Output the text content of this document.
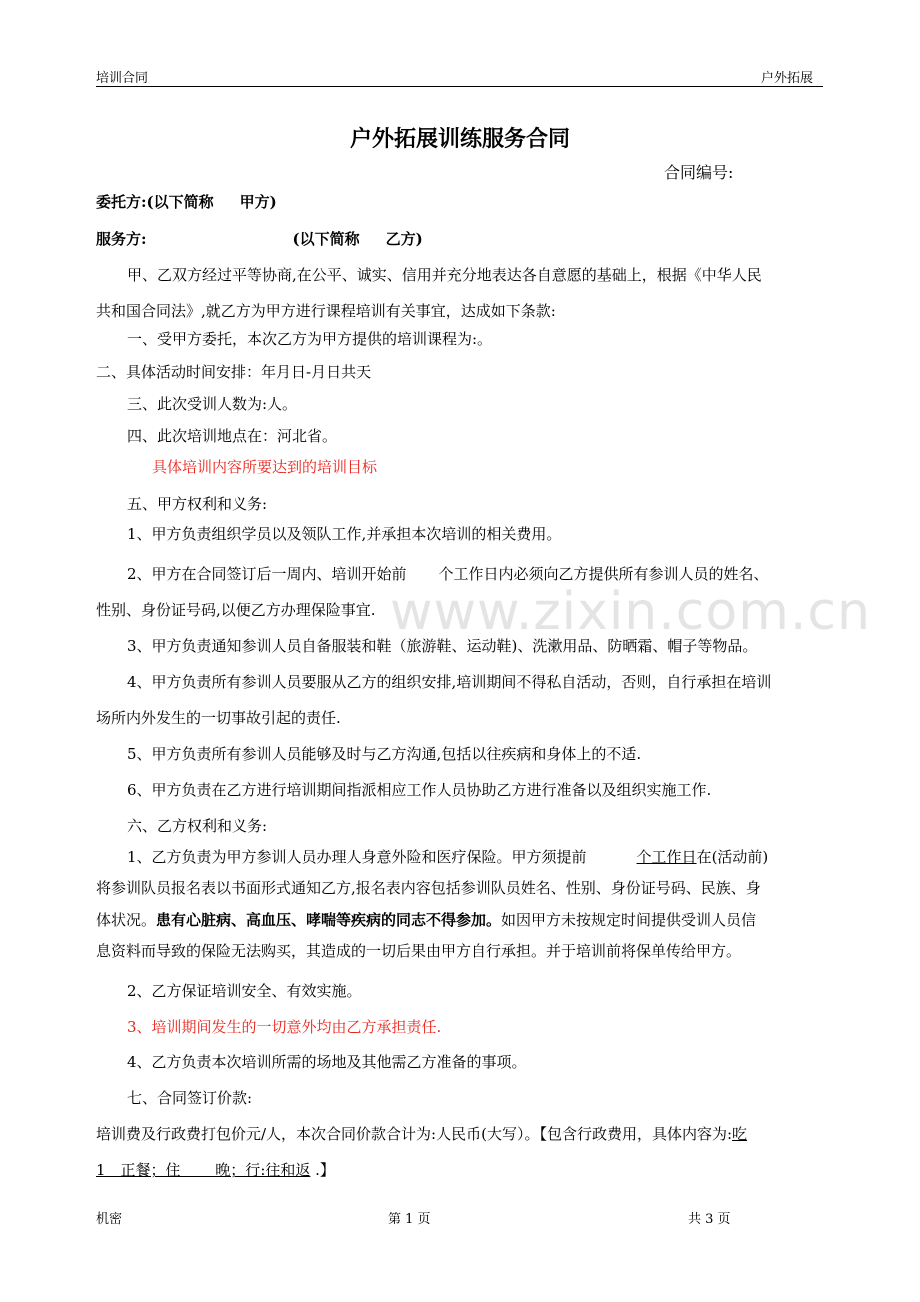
培训合同	户外拓展
www.zixin.com.cn
户外拓展训练服务合同
合同编号:
委托方:(以下简称 甲方)
服务方:	(以下简称 乙方)
甲、乙双方经过平等协商,在公平、诚实、信用并充分地表达各自意愿的基础上，根据《中华人民
共和国合同法》,就乙方为甲方进行课程培训有关事宜，达成如下条款:
一、受甲方委托，本次乙方为甲方提供的培训课程为:。
二、具体活动时间安排：年月日-月日共天
三、此次受训人数为:人。
四、此次培训地点在：河北省。
具体培训内容所要达到的培训目标
五、甲方权利和义务:
1、甲方负责组织学员以及领队工作,并承担本次培训的相关费用。
2、甲方在合同签订后一周内、培训开始前 个工作日内必须向乙方提供所有参训人员的姓名、
性别、身份证号码,以便乙方办理保险事宜.
3、甲方负责通知参训人员自备服装和鞋（旅游鞋、运动鞋)、洗漱用品、防晒霜、帽子等物品。
4、甲方负责所有参训人员要服从乙方的组织安排,培训期间不得私自活动，否则，自行承担在培训
场所内外发生的一切事故引起的责任.
5、甲方负责所有参训人员能够及时与乙方沟通,包括以往疾病和身体上的不适.
6、甲方负责在乙方进行培训期间指派相应工作人员协助乙方进行准备以及组织实施工作.
六、乙方权利和义务:
1、乙方负责为甲方参训人员办理人身意外险和医疗保险。甲方须提前	个工作日在(活动前)
将参训队员报名表以书面形式通知乙方,报名表内容包括参训队员姓名、性别、身份证号码、民族、身
体状况。患有心脏病、高血压、哮喘等疾病的同志不得参加。如因甲方未按规定时间提供受训人员信
息资料而导致的保险无法购买，其造成的一切后果由甲方自行承担。并于培训前将保单传给甲方。
2、乙方保证培训安全、有效实施。
3、培训期间发生的一切意外均由乙方承担责任.
4、乙方负责本次培训所需的场地及其他需乙方准备的事项。
七、合同签订价款:
培训费及行政费打包价元/人，本次合同价款合计为:人民币(大写）。【包含行政费用，具体内容为:吃
1　正餐；住　　 晚；行:往和返 .】
机密	第 1 页	共 3 页
